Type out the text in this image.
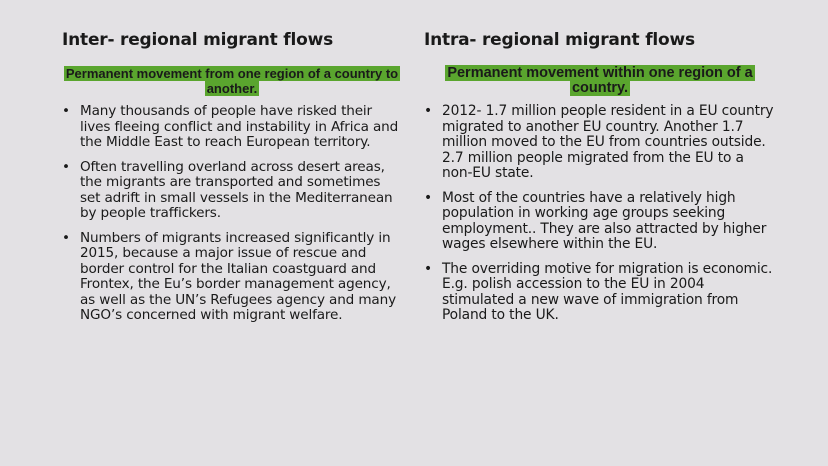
Inter- regional migrant flows

Permanent movement from one region of a country to another.

• Many thousands of people have risked their lives fleeing conflict and instability in Africa and the Middle East to reach European territory.
• Often travelling overland across desert areas, the migrants are transported and sometimes set adrift in small vessels in the Mediterranean by people traffickers.
• Numbers of migrants increased significantly in 2015, because a major issue of rescue and border control for the Italian coastguard and Frontex, the Eu’s border management agency, as well as the UN’s Refugees agency and many NGO’s concerned with migrant welfare.
Intra- regional migrant flows

Permanent movement within one region of a country.

• 2012- 1.7 million people resident in a EU country migrated to another EU country. Another 1.7 million moved to the EU from countries outside. 2.7 million people migrated from the EU to a non-EU state.
• Most of the countries have a relatively high population in working age groups seeking employment.. They are also attracted by higher wages elsewhere within the EU.
• The overriding motive for migration is economic. E.g. polish accession to the EU in 2004 stimulated a new wave of immigration from Poland to the UK.
